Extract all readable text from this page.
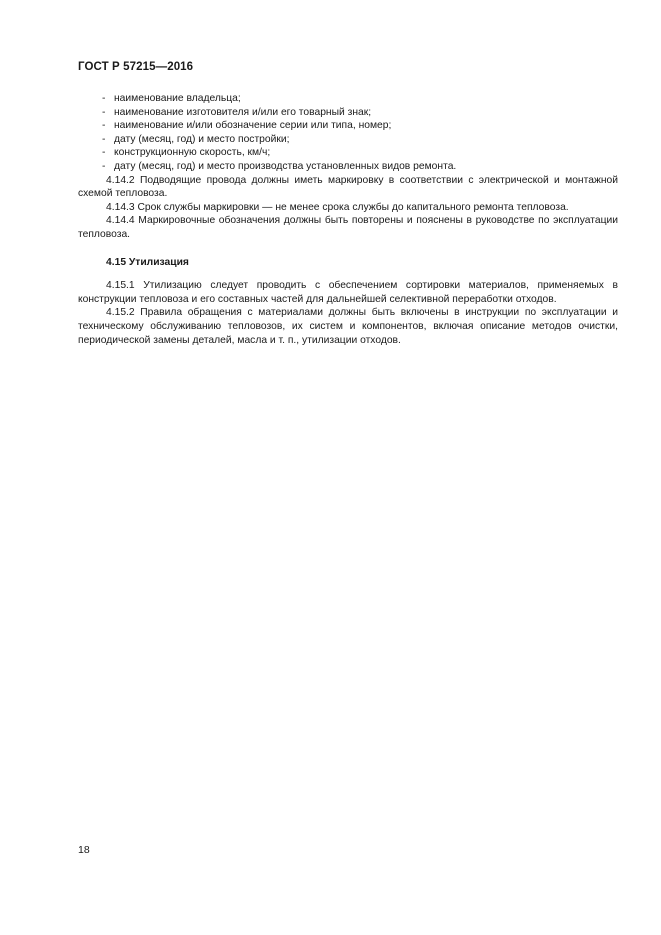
ГОСТ Р 57215—2016
- наименование владельца;
- наименование изготовителя и/или его товарный знак;
- наименование и/или обозначение серии или типа, номер;
- дату (месяц, год) и место постройки;
- конструкционную скорость, км/ч;
- дату (месяц, год) и место производства установленных видов ремонта.
4.14.2 Подводящие провода должны иметь маркировку в соответствии с электрической и монтажной схемой тепловоза.
4.14.3 Срок службы маркировки — не менее срока службы до капитального ремонта тепловоза.
4.14.4 Маркировочные обозначения должны быть повторены и пояснены в руководстве по эксплуатации тепловоза.
4.15 Утилизация
4.15.1 Утилизацию следует проводить с обеспечением сортировки материалов, применяемых в конструкции тепловоза и его составных частей для дальнейшей селективной переработки отходов.
4.15.2 Правила обращения с материалами должны быть включены в инструкции по эксплуатации и техническому обслуживанию тепловозов, их систем и компонентов, включая описание методов очистки, периодической замены деталей, масла и т. п., утилизации отходов.
18
